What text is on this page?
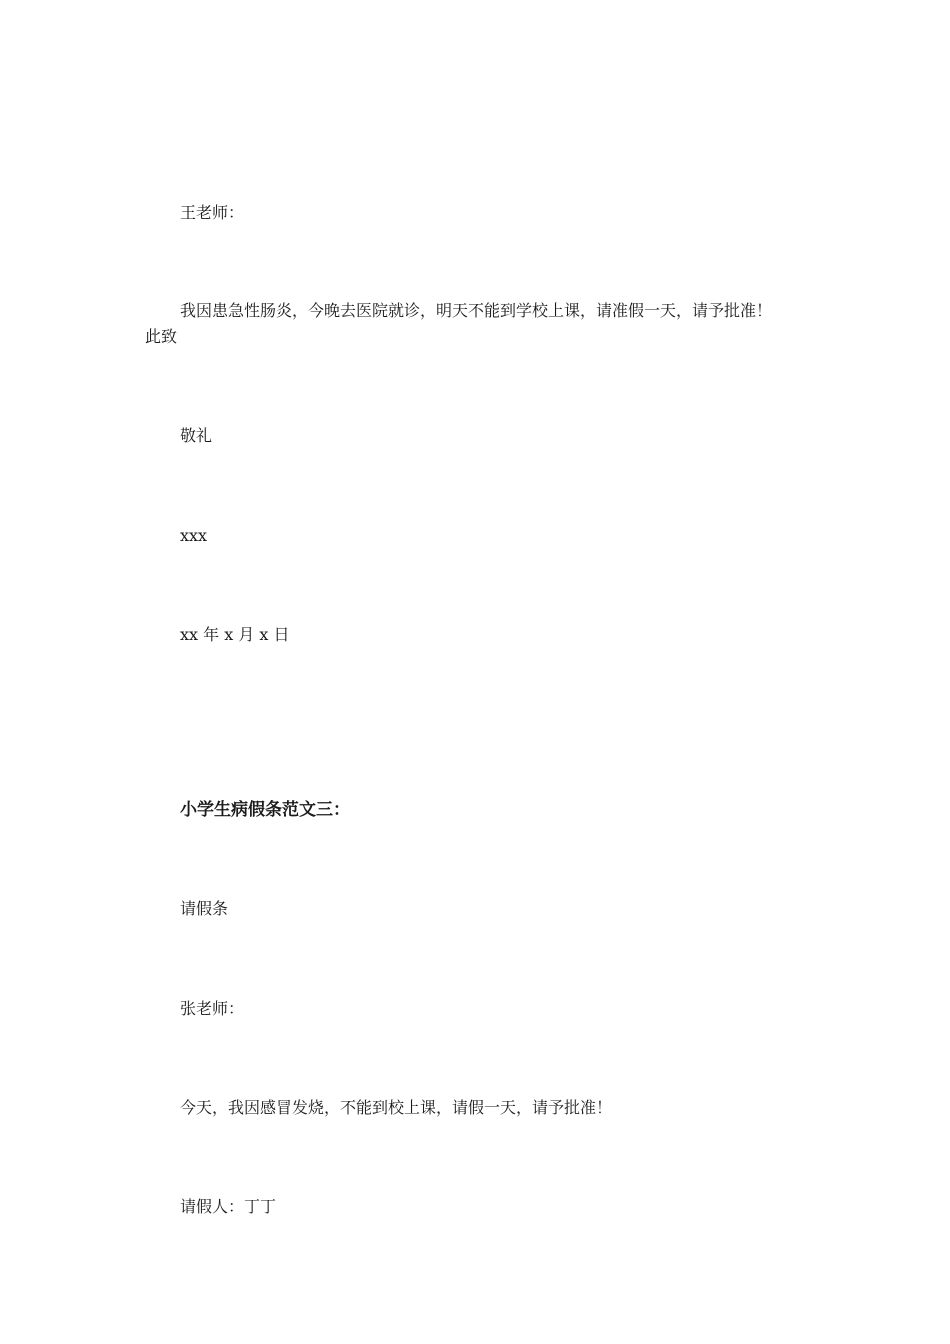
王老师：
我因患急性肠炎，今晚去医院就诊，明天不能到学校上课，请准假一天，请予批准！
此致
敬礼
xxx
xx 年 x 月 x 日
小学生病假条范文三：
请假条
张老师：
今天，我因感冒发烧，不能到校上课，请假一天，请予批准！
请假人：丁丁
